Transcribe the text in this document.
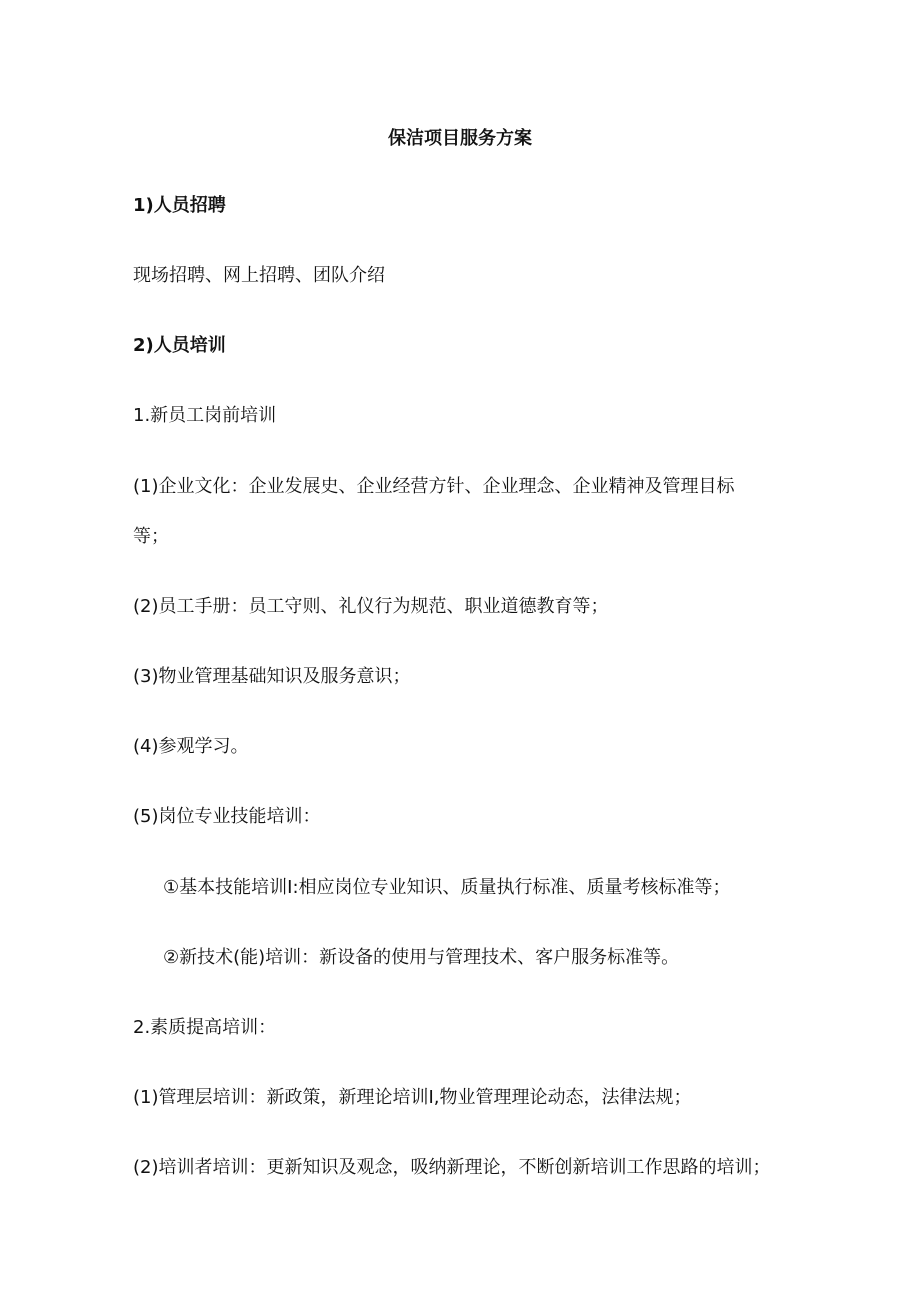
保洁项目服务方案
1)人员招聘
现场招聘、网上招聘、团队介绍
2)人员培训
1.新员工岗前培训
(1)企业文化：企业发展史、企业经营方针、企业理念、企业精神及管理目标
等；
(2)员工手册：员工守则、礼仪行为规范、职业道德教育等；
(3)物业管理基础知识及服务意识；
(4)参观学习。
(5)岗位专业技能培训：
①基本技能培训Ⅰ:相应岗位专业知识、质量执行标准、质量考核标准等；
②新技术(能)培训：新设备的使用与管理技术、客户服务标准等。
2.素质提高培训：
(1)管理层培训：新政策，新理论培训Ⅰ,物业管理理论动态，法律法规；
(2)培训者培训：更新知识及观念，吸纳新理论，不断创新培训工作思路的培训；
